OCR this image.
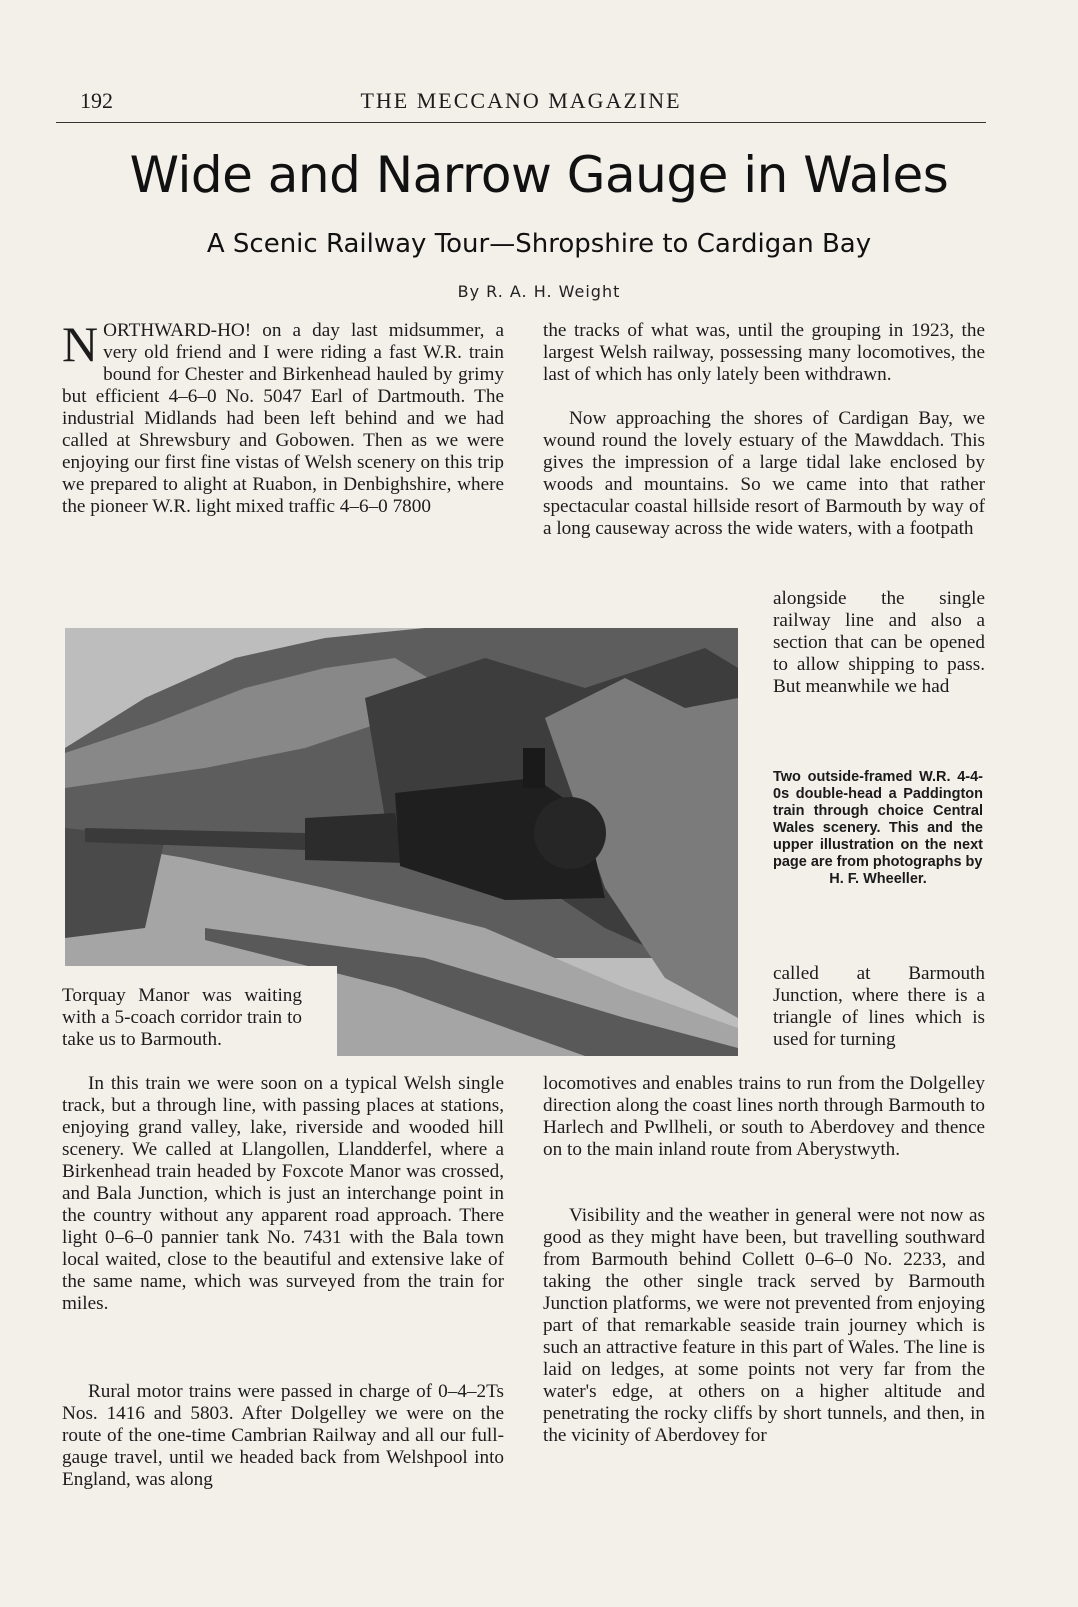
192	THE MECCANO MAGAZINE
Wide and Narrow Gauge in Wales
A Scenic Railway Tour—Shropshire to Cardigan Bay
By R. A. H. Weight

NORTHWARD-HO! on a day last midsummer, a very old friend and I were riding a fast W.R. train bound for Chester and Birkenhead hauled by grimy but efficient 4–6–0 No. 5047 Earl of Dartmouth. The industrial Midlands had been left behind and we had called at Shrewsbury and Gobowen. Then as we were enjoying our first fine vistas of Welsh scenery on this trip we prepared to alight at Ruabon, in Denbighshire, where the pioneer W.R. light mixed traffic 4–6–0 7800

the tracks of what was, until the grouping in 1923, the largest Welsh railway, possessing many locomotives, the last of which has only lately been withdrawn.

Now approaching the shores of Cardigan Bay, we wound round the lovely estuary of the Mawddach. This gives the impression of a large tidal lake enclosed by woods and mountains. So we came into that rather spectacular coastal hillside resort of Barmouth by way of a long causeway across the wide waters, with a footpath

alongside the single railway line and also a section that can be opened to allow shipping to pass. But meanwhile we had

Two outside-framed W.R. 4-4-0s double-head a Paddington train through choice Central Wales scenery. This and the upper illustration on the next page are from photographs by

H. F. Wheeller.

called at Barmouth Junction, where there is a triangle of lines which is used for turning

Torquay Manor was waiting with a 5-coach corridor train to take us to Barmouth.

In this train we were soon on a typical Welsh single track, but a through line, with passing places at stations, enjoying grand valley, lake, riverside and wooded hill scenery. We called at Llangollen, Llandderfel, where a Birkenhead train headed by Foxcote Manor was crossed, and Bala Junction, which is just an interchange point in the country without any apparent road approach. There light 0–6–0 pannier tank No. 7431 with the Bala town local waited, close to the beautiful and extensive lake of the same name, which was surveyed from the train for miles.

Rural motor trains were passed in charge of 0–4–2Ts Nos. 1416 and 5803. After Dolgelley we were on the route of the one-time Cambrian Railway and all our full-gauge travel, until we headed back from Welshpool into England, was along

locomotives and enables trains to run from the Dolgelley direction along the coast lines north through Barmouth to Harlech and Pwllheli, or south to Aberdovey and thence on to the main inland route from Aberystwyth.

Visibility and the weather in general were not now as good as they might have been, but travelling southward from Barmouth behind Collett 0–6–0 No. 2233, and taking the other single track served by Barmouth Junction platforms, we were not prevented from enjoying part of that remarkable seaside train journey which is such an attractive feature in this part of Wales. The line is laid on ledges, at some points not very far from the water's edge, at others on a higher altitude and penetrating the rocky cliffs by short tunnels, and then, in the vicinity of Aberdovey for
